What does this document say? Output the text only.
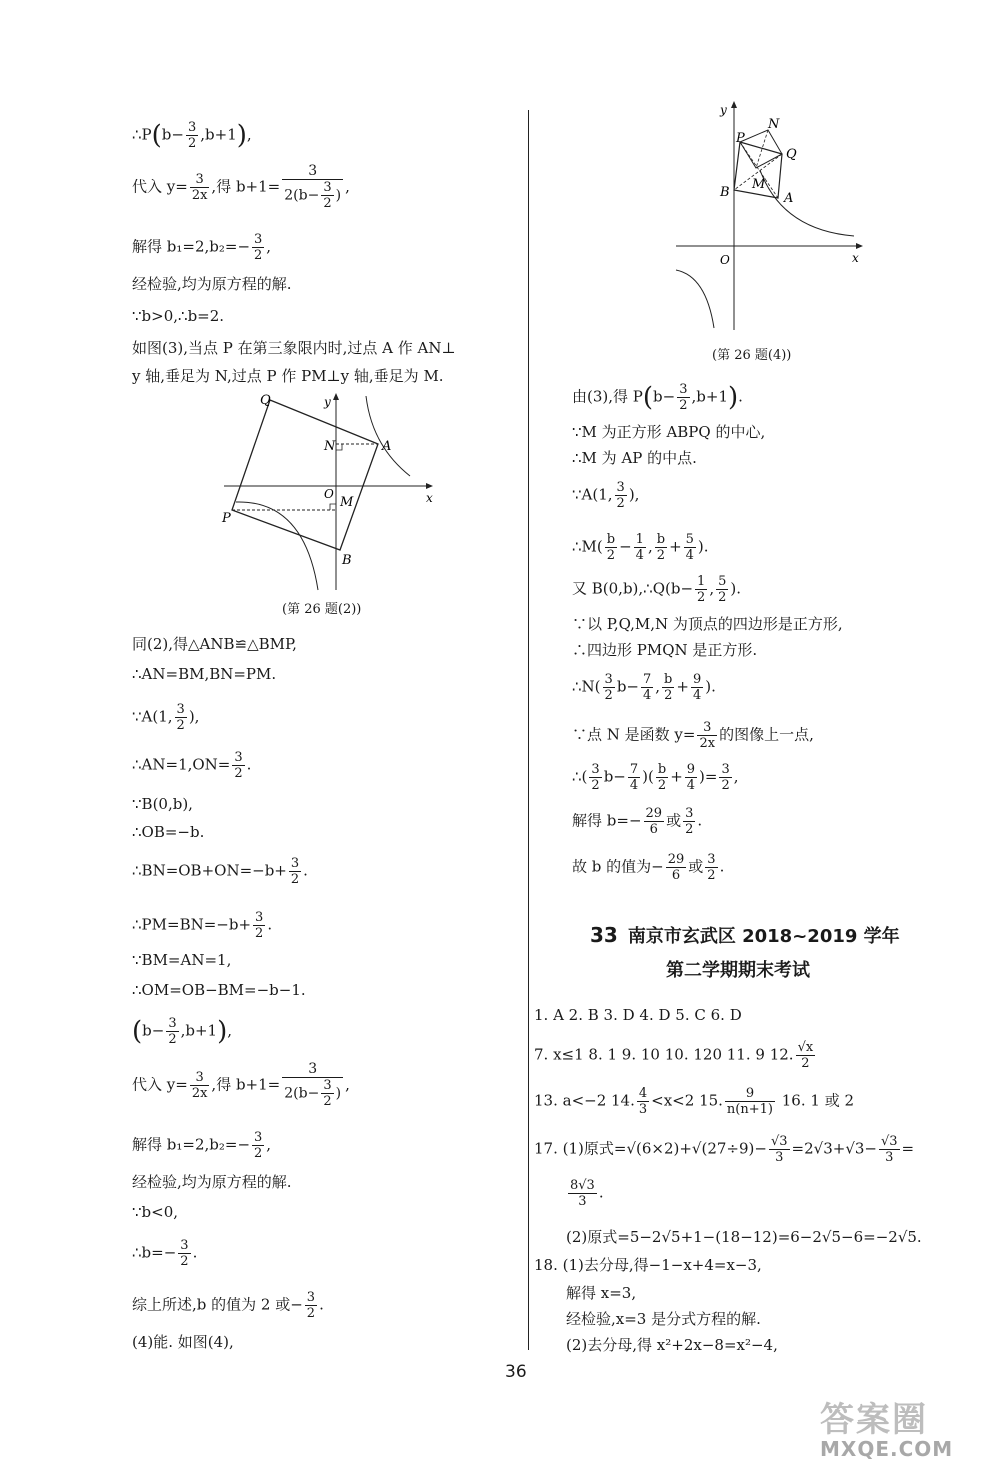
∴P(b− $\frac{3}{2} ,b+1$),
代入 $y= \frac{3}{2x}$ ,得 $b+1= \frac{3}{2(b- \frac{3}{2} )}$ ,
解得 $b_1=2,b_2=- \frac{3}{2}$ ,
经检验,均为原方程的解.
∵b>0,∴b=2.
如图(3),当点 P 在第三象限内时,过点 A 作 AN⊥
y 轴,垂足为 N,过点 P 作 PM⊥y 轴,垂足为 M.
Q	y
N	A
O
M	x
P
B
(第 26 题(2))
同(2),得△ANB≌△BMP,
∴AN=BM,BN=PM.
∵A(1, $\frac{3}{2}$ ),
∴AN=1,ON= $\frac{3}{2}$ .
∵B(0,b),
∴OB=−b.
∴BN=OB+ON=−b+ $\frac{3}{2}$ .
∴PM=BN=−b+ $\frac{3}{2}$ .
∵BM=AN=1,
∴OM=OB−BM=−b−1.
$(b- \frac{3}{2} ,b+1)$,
代入 $y= \frac{3}{2x}$ ,得 $b+1= \frac{3}{2(b- \frac{3}{2} )}$ ,
解得 $b_1=2,b_2=- \frac{3}{2}$ ,
经检验,均为原方程的解.
∵b<0,
∴b=− $\frac{3}{2}$ .
综上所述,b 的值为 2 或− $\frac{3}{2}$ .
(4)能. 如图(4),
y
N
P
Q
M
B	A
O	x
(第 26 题(4))
由(3),得 $P(b- \frac{3}{2} ,b+1)$.
∵M 为正方形 ABPQ 的中心,
∴M 为 AP 的中点.
∵A(1, $\frac{3}{2}$ ),
∴M( $\frac{b}{2} - \frac{1}{4}$ , $\frac{b}{2} + \frac{5}{4}$ ).
又 B(0,b),∴Q(b− $\frac{1}{2}$ , $\frac{5}{2}$ ).
∵以 P,Q,M,N 为顶点的四边形是正方形,
∴四边形 PMQN 是正方形.
∴N( $\frac{3}{2} b- \frac{7}{4}$ , $\frac{b}{2} + \frac{9}{4}$ ).
∵点 N 是函数 $y= \frac{3}{2x}$ 的图像上一点,
∴( $\frac{3}{2} b- \frac{7}{4}$ )( $\frac{b}{2} + \frac{9}{4}$ )= $\frac{3}{2}$ ,
解得 $b=- \frac{29}{6}$ 或 $\frac{3}{2}$ .
故 b 的值为− $\frac{29}{6}$ 或 $\frac{3}{2}$ .
33 南京市玄武区 2018~2019 学年
第二学期期末考试
1. A 2. B 3. D 4. D 5. C 6. D
7. x≤1 8. 1 9. 10 10. 120 11. 9 12. $\frac{√x}{2}$
13. a<−2 14. $\frac{4}{3} <x<2$ 15. $\frac{9}{n(n+1)} 16$. 1 或 2
17. (1)原式$=√(6\times 2)+√(27\div 9)- \frac{√3}{3} =2√3+√3- \frac{√3}{3}$ =
$\frac{8√3}{3}$ .
(2)原式=5−2√5+1−(18−12)=6−2√5−6=−2√5.
18. (1)去分母,得−1−x+4=x−3,
解得 x=3,
经检验,x=3 是分式方程的解.
(2)去分母,得 x²+2x−8=x²−4,
36
答案圈
MXQE.COM
